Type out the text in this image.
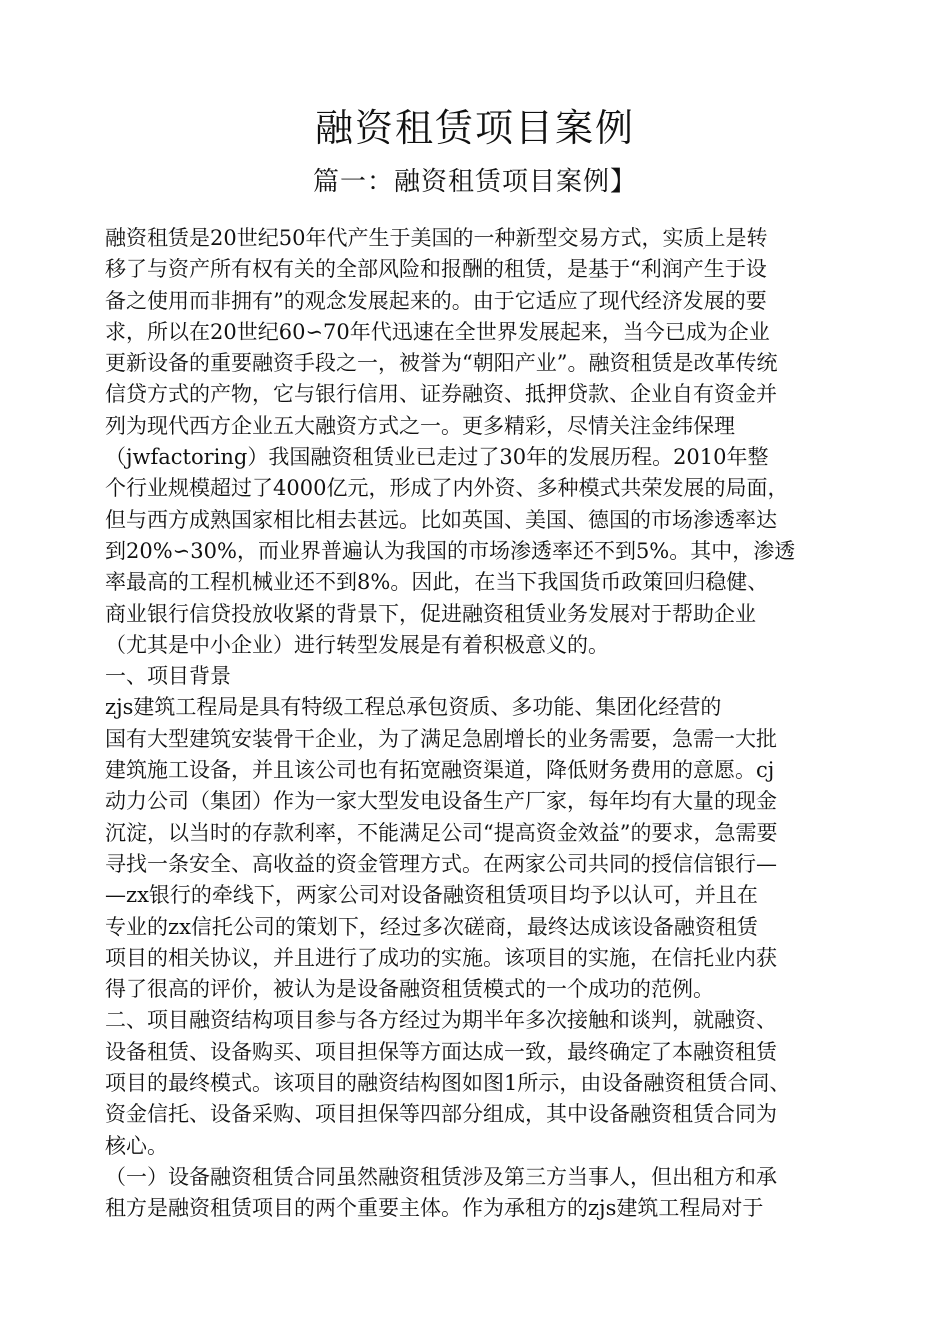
融资租赁项目案例
篇一：融资租赁项目案例】
融资租赁是20世纪50年代产生于美国的一种新型交易方式，实质上是转
移了与资产所有权有关的全部风险和报酬的租赁，是基于“利润产生于设
备之使用而非拥有”的观念发展起来的。由于它适应了现代经济发展的要
求，所以在20世纪60∽70年代迅速在全世界发展起来，当今已成为企业
更新设备的重要融资手段之一，被誉为“朝阳产业”。融资租赁是改革传统
信贷方式的产物，它与银行信用、证券融资、抵押贷款、企业自有资金并
列为现代西方企业五大融资方式之一。更多精彩，尽情关注金纬保理
（jwfactoring）我国融资租赁业已走过了30年的发展历程。2010年整
个行业规模超过了4000亿元，形成了内外资、多种模式共荣发展的局面，
但与西方成熟国家相比相去甚远。比如英国、美国、德国的市场渗透率达
到20%∽30%，而业界普遍认为我国的市场渗透率还不到5%。其中，渗透
率最高的工程机械业还不到8%。因此，在当下我国货币政策回归稳健、
商业银行信贷投放收紧的背景下，促进融资租赁业务发展对于帮助企业
（尤其是中小企业）进行转型发展是有着积极意义的。
一、项目背景
zjs建筑工程局是具有特级工程总承包资质、多功能、集团化经营的
国有大型建筑安装骨干企业，为了满足急剧增长的业务需要，急需一大批
建筑施工设备，并且该公司也有拓宽融资渠道，降低财务费用的意愿。cj
动力公司（集团）作为一家大型发电设备生产厂家，每年均有大量的现金
沉淀，以当时的存款利率，不能满足公司“提高资金效益”的要求，急需要
寻找一条安全、高收益的资金管理方式。在两家公司共同的授信信银行—
—zx银行的牵线下，两家公司对设备融资租赁项目均予以认可，并且在
专业的zx信托公司的策划下，经过多次磋商，最终达成该设备融资租赁
项目的相关协议，并且进行了成功的实施。该项目的实施，在信托业内获
得了很高的评价，被认为是设备融资租赁模式的一个成功的范例。
二、项目融资结构项目参与各方经过为期半年多次接触和谈判，就融资、
设备租赁、设备购买、项目担保等方面达成一致，最终确定了本融资租赁
项目的最终模式。该项目的融资结构图如图1所示，由设备融资租赁合同、
资金信托、设备采购、项目担保等四部分组成，其中设备融资租赁合同为
核心。
（一）设备融资租赁合同虽然融资租赁涉及第三方当事人，但出租方和承
租方是融资租赁项目的两个重要主体。作为承租方的zjs建筑工程局对于
